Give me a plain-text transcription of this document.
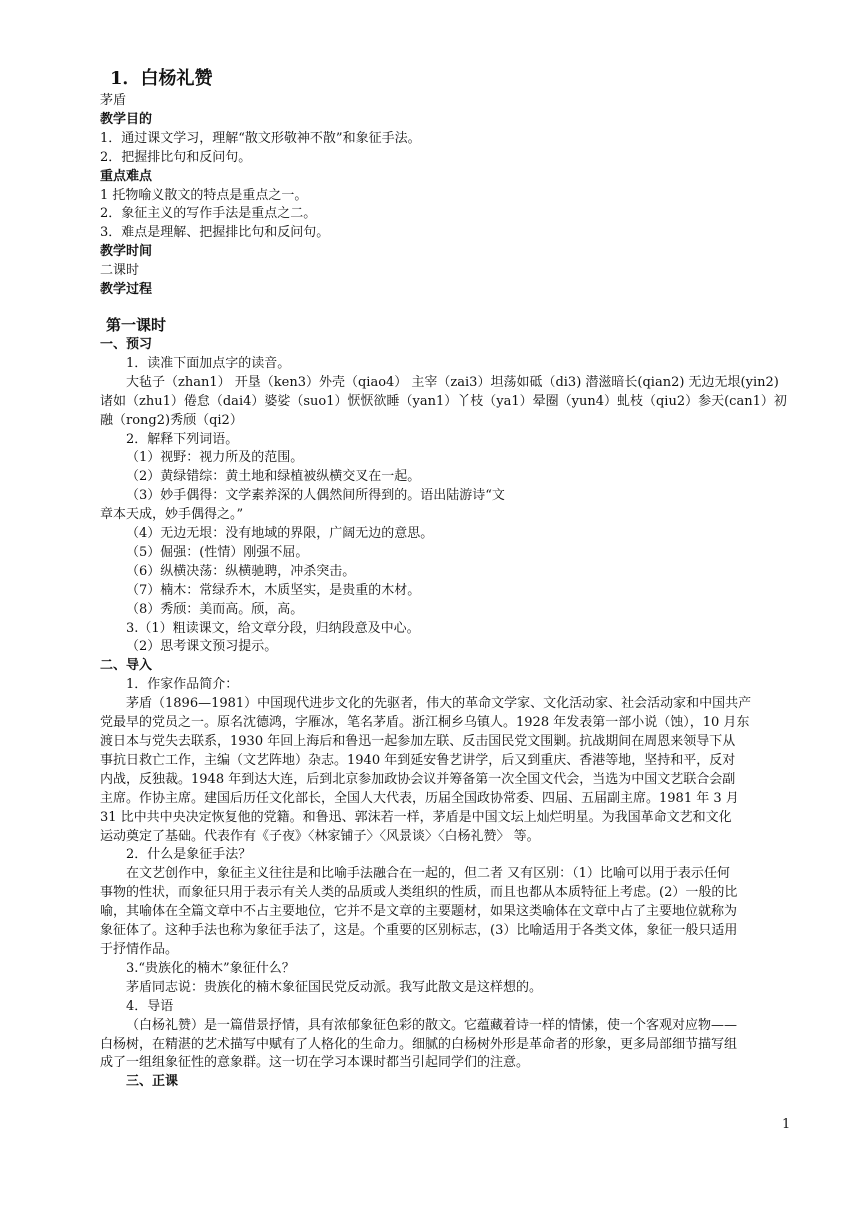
1．白杨礼赞
茅盾
教学目的
1．通过课文学习，理解“散文形敬神不散”和象征手法。
2．把握排比句和反问句。
重点难点
1 托物喻义散文的特点是重点之一。
2．象征主义的写作手法是重点之二。
3．难点是理解、把握排比句和反问句。
教学时间
二课时
教学过程
第一课时
一、预习
1．读准下面加点字的读音。
大毡子（zhan1） 开垦（ken3）外壳（qiao4） 主宰（zai3）坦荡如砥（di3) 潜滋暗长(qian2) 无边无垠(yin2)
诸如（zhu1）倦怠（dai4）婆娑（suo1）恹恹欲睡（yan1）丫枝（ya1）晕圈（yun4）虬枝（qiu2）参天(can1）初
融（rong2)秀颀（qi2）
2．解释下列词语。
（1）视野：视力所及的范围。
（2）黄绿错综：黄土地和绿植被纵横交叉在一起。
（3）妙手偶得：文学素养深的人偶然间所得到的。语出陆游诗“文
章本天成，妙手偶得之。”
（4）无边无垠：没有地域的界限，广阔无边的意思。
（5）倔强：(性情）刚强不屈。
（6）纵横决荡：纵横驰聘，冲杀突击。
（7）楠木：常绿乔木，木质坚实，是贵重的木材。
（8）秀颀：美而高。颀，高。
3.（1）粗读课文，给文章分段，归纳段意及中心。
（2）思考课文预习提示。
二、导入
1．作家作品简介：
茅盾（1896—1981）中国现代进步文化的先驱者，伟大的革命文学家、文化活动家、社会活动家和中国共产
党最早的党员之一。原名沈德鸿，字雁冰，笔名茅盾。浙江桐乡乌镇人。1928 年发表第一部小说（蚀），10 月东
渡日本与党失去联系，1930 年回上海后和鲁迅一起参加左联、反击国民党文围剿。抗战期间在周恩来领导下从
事抗日救亡工作，主编（文艺阵地）杂志。1940 年到延安鲁艺讲学，后又到重庆、香港等地，坚持和平，反对
内战，反独裁。1948 年到达大连，后到北京参加政协会议并筹备第一次全国文代会，当选为中国文艺联合会副
主席。作协主席。建国后历任文化部长，全国人大代表，历届全国政协常委、四届、五届副主席。1981 年 3 月
31 比中共中央决定恢复他的党籍。和鲁迅、郭沫若一样，茅盾是中国文坛上灿烂明星。为我国革命文艺和文化
运动奠定了基础。代表作有《子夜》〈林家铺子〉〈风景谈〉〈白杨礼赞〉 等。
2．什么是象征手法？
在文艺创作中，象征主义往往是和比喻手法融合在一起的，但二者 又有区别：（1）比喻可以用于表示任何
事物的性状，而象征只用于表示有关人类的品质或人类组织的性质，而且也都从本质特征上考虑。(2）一般的比
喻，其喻体在全篇文章中不占主要地位，它并不是文章的主要题材，如果这类喻体在文章中占了主要地位就称为
象征体了。这种手法也称为象征手法了，这是。个重要的区别标志，(3）比喻适用于各类文体，象征一般只适用
于抒情作品。
3.“贵族化的楠木”象征什么？
茅盾同志说：贵族化的楠木象征国民党反动派。我写此散文是这样想的。
4．导语
（白杨礼赞）是一篇借景抒情，具有浓郁象征色彩的散文。它蕴藏着诗一样的情愫，使一个客观对应物——
白杨树，在精湛的艺术描写中赋有了人格化的生命力。细腻的白杨树外形是革命者的形象，更多局部细节描写组
成了一组组象征性的意象群。这一切在学习本课时都当引起同学们的注意。
三、正课
1
